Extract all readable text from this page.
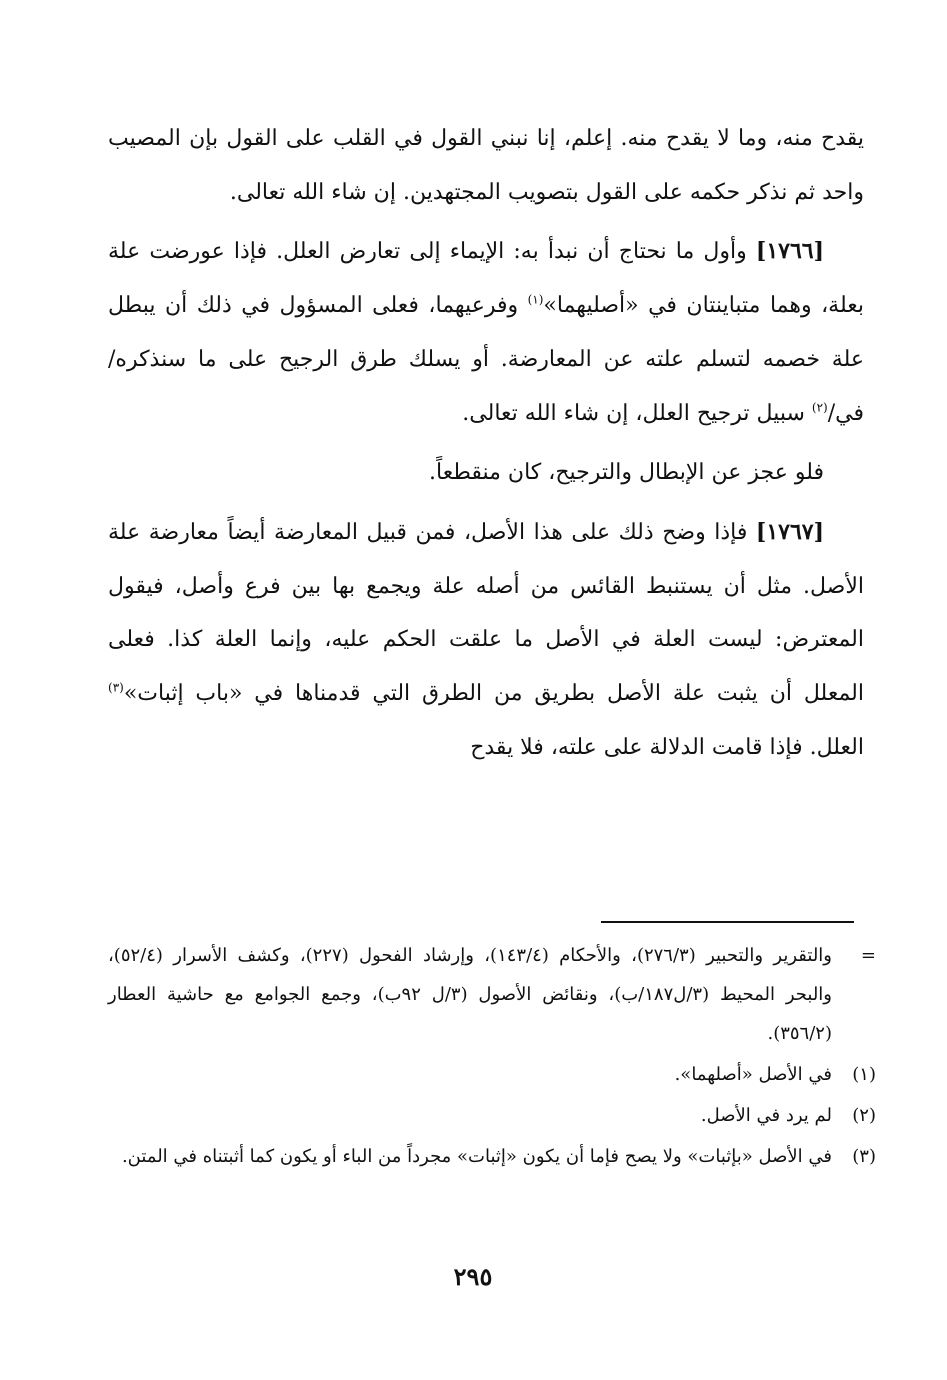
يقدح منه، وما لا يقدح منه. إعلم، إنا نبني القول في القلب على القول بإن المصيب واحد ثم نذكر حكمه على القول بتصويب المجتهدين. إن شاء الله تعالى.

[١٧٦٦] وأول ما نحتاج أن نبدأ به: الإيماء إلى تعارض العلل. فإذا عورضت علة بعلة، وهما متباينتان في «أصليهما»$^{(١)}$ وفرعيهما، فعلى المسؤول في ذلك أن يبطل علة خصمه لتسلم علته عن المعارضة. أو يسلك طرق الرجيح على ما سنذكره/ في/$^{(٢)}$ سبيل ترجيح العلل، إن شاء الله تعالى.

فلو عجز عن الإبطال والترجيح، كان منقطعاً.

[١٧٦٧] فإذا وضح ذلك على هذا الأصل، فمن قبيل المعارضة أيضاً معارضة علة الأصل. مثل أن يستنبط القائس من أصله علة ويجمع بها بين فرع وأصل، فيقول المعترض: ليست العلة في الأصل ما علقت الحكم عليه، وإنما العلة كذا. فعلى المعلل أن يثبت علة الأصل بطريق من الطرق التي قدمناها في «باب إثبات»$^{(٣)}$ العلل. فإذا قامت الدلالة على علته، فلا يقدح

=
والتقرير والتحبير (٢٧٦/٣)، والأحكام (١٤٣/٤)، وإرشاد الفحول (٢٢٧)، وكشف الأسرار (٥٢/٤)، والبحر المحيط (٣/ل١٨٧/ب)، ونقائض الأصول (٣/ل ٩٢ب)، وجمع الجوامع مع حاشية العطار (٣٥٦/٢).
(١)
في الأصل «أصلهما».
(٢)
لم يرد في الأصل.
(٣)
في الأصل «بإثبات» ولا يصح فإما أن يكون «إثبات» مجرداً من الباء أو يكون كما أثبتناه في المتن.
٢٩٥
